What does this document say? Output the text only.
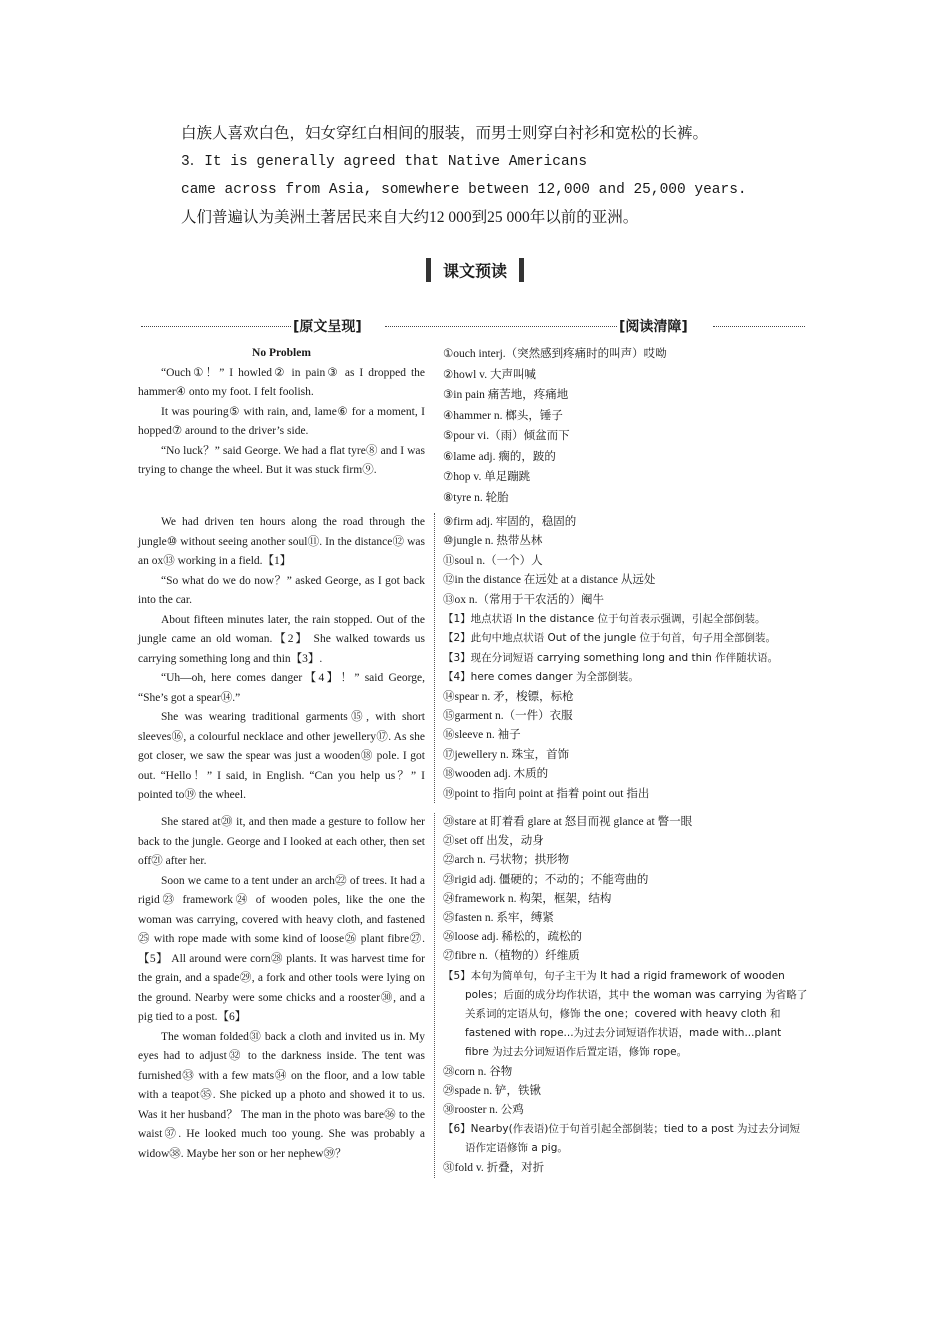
白族人喜欢白色，妇女穿红白相间的服装，而男士则穿白衬衫和宽松的长裤。
3．It is generally agreed that Native Americans
came across from Asia, somewhere between 12,000 and 25,000 years.
人们普遍认为美洲土著居民来自大约12 000到25 000年以前的亚洲。
课文预读
[原文呈现]	[阅读清障]

No Problem

“Ouch①！” I howled② in pain③ as I dropped the hammer④ onto my foot. I felt foolish.

It was pouring⑤ with rain, and, lame⑥ for a moment, I hopped⑦ around to the driver’s side.

“No luck？” said George. We had a flat tyre⑧ and I was trying to change the wheel. But it was stuck firm⑨.

①ouch interj.（突然感到疼痛时的叫声）哎呦
②howl v. 大声叫喊
③in pain 痛苦地，疼痛地
④hammer n. 榔头，锤子
⑤pour vi.（雨）倾盆而下
⑥lame adj. 瘸的，跛的
⑦hop v. 单足蹦跳
⑧tyre n. 轮胎

We had driven ten hours along the road through the jungle⑩ without seeing another soul⑪. In the distance⑫ was an ox⑬ working in a field.【1】

“So what do we do now？” asked George, as I got back into the car.

About fifteen minutes later, the rain stopped. Out of the jungle came an old woman.【2】 She walked towards us carrying something long and thin【3】.

“Uh—oh, here comes danger【4】！” said George, “She’s got a spear⑭.”

She was wearing traditional garments⑮, with short sleeves⑯, a colourful necklace and other jewellery⑰. As she got closer, we saw the spear was just a wooden⑱ pole. I got out. “Hello！” I said, in English. “Can you help us？” I pointed to⑲ the wheel.

⑨firm adj. 牢固的，稳固的
⑩jungle n. 热带丛林
⑪soul n.（一个）人
⑫in the distance 在远处 at a distance 从远处
⑬ox n.（常用于干农活的）阉牛
【1】地点状语 In the distance 位于句首表示强调，引起全部倒装。
【2】此句中地点状语 Out of the jungle 位于句首，句子用全部倒装。
【3】现在分词短语 carrying something long and thin 作伴随状语。
【4】here comes danger 为全部倒装。
⑭spear n. 矛，梭镖，标枪
⑮garment n.（一件）衣服
⑯sleeve n. 袖子
⑰jewellery n. 珠宝，首饰
⑱wooden adj. 木质的
⑲point to 指向 point at 指着 point out 指出

She stared at⑳ it, and then made a gesture to follow her back to the jungle. George and I looked at each other, then set off㉑ after her.

Soon we came to a tent under an arch㉒ of trees. It had a rigid㉓ framework㉔ of wooden poles, like the one the woman was carrying, covered with heavy cloth, and fastened㉕ with rope made with some kind of loose㉖ plant fibre㉗.【5】 All around were corn㉘ plants. It was harvest time for the grain, and a spade㉙, a fork and other tools were lying on the ground. Nearby were some chicks and a rooster㉚, and a pig tied to a post.【6】

The woman folded㉛ back a cloth and invited us in. My eyes had to adjust㉜ to the darkness inside. The tent was furnished㉝ with a few mats㉞ on the floor, and a low table with a teapot㉟. She picked up a photo and showed it to us. Was it her husband？ The man in the photo was bare㊱ to the waist㊲. He looked much too young. She was probably a widow㊳. Maybe her son or her nephew㊴？

⑳stare at 盯着看 glare at 怒目而视 glance at 瞥一眼
㉑set off 出发，动身
㉒arch n. 弓状物；拱形物
㉓rigid adj. 僵硬的；不动的；不能弯曲的
㉔framework n. 构架，框架，结构
㉕fasten n. 系牢，缚紧
㉖loose adj. 稀松的，疏松的
㉗fibre n.（植物的）纤维质
【5】本句为简单句，句子主干为 It had a rigid framework of wooden poles；后面的成分均作状语，其中 the woman was carrying 为省略了关系词的定语从句，修饰 the one；covered with heavy cloth 和 fastened with rope...为过去分词短语作状语，made with...plant fibre 为过去分词短语作后置定语，修饰 rope。
㉘corn n. 谷物
㉙spade n. 铲，铁锹
㉚rooster n. 公鸡
【6】Nearby(作表语)位于句首引起全部倒装；tied to a post 为过去分词短语作定语修饰 a pig。
㉛fold v. 折叠，对折
